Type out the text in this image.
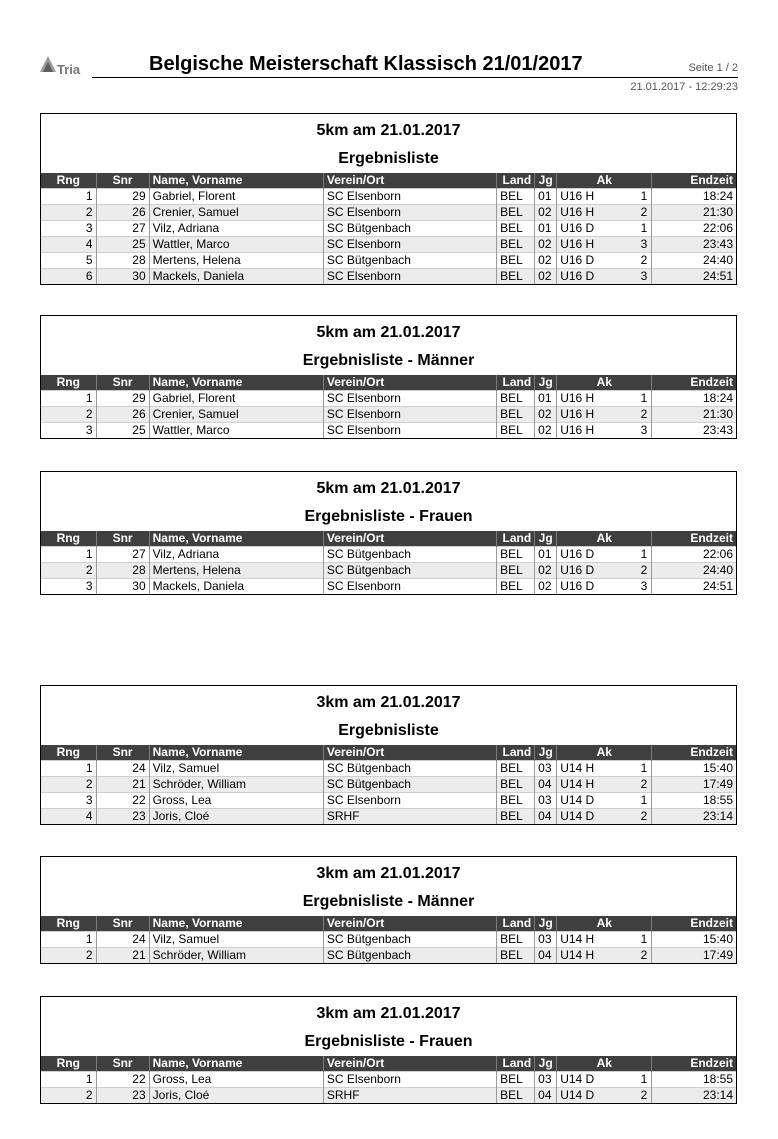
Tria	Belgische Meisterschaft Klassisch 21/01/2017	Seite 1 / 2
21.01.2017 - 12:29:23
5km am 21.01.2017
Ergebnisliste
Rng	Snr	Name, Vorname	Verein/Ort	Land	Jg	Ak	Endzeit
1	29	Gabriel, Florent	SC Elsenborn	BEL	01	U16 H 1	18:24
2	26	Crenier, Samuel	SC Elsenborn	BEL	02	U16 H 2	21:30
3	27	Vilz, Adriana	SC Bütgenbach	BEL	01	U16 D 1	22:06
4	25	Wattler, Marco	SC Elsenborn	BEL	02	U16 H 3	23:43
5	28	Mertens, Helena	SC Bütgenbach	BEL	02	U16 D 2	24:40
6	30	Mackels, Daniela	SC Elsenborn	BEL	02	U16 D 3	24:51
5km am 21.01.2017
Ergebnisliste - Männer
Rng	Snr	Name, Vorname	Verein/Ort	Land	Jg	Ak	Endzeit
1	29	Gabriel, Florent	SC Elsenborn	BEL	01	U16 H 1	18:24
2	26	Crenier, Samuel	SC Elsenborn	BEL	02	U16 H 2	21:30
3	25	Wattler, Marco	SC Elsenborn	BEL	02	U16 H 3	23:43
5km am 21.01.2017
Ergebnisliste - Frauen
Rng	Snr	Name, Vorname	Verein/Ort	Land	Jg	Ak	Endzeit
1	27	Vilz, Adriana	SC Bütgenbach	BEL	01	U16 D 1	22:06
2	28	Mertens, Helena	SC Bütgenbach	BEL	02	U16 D 2	24:40
3	30	Mackels, Daniela	SC Elsenborn	BEL	02	U16 D 3	24:51
3km am 21.01.2017
Ergebnisliste
Rng	Snr	Name, Vorname	Verein/Ort	Land	Jg	Ak	Endzeit
1	24	Vilz, Samuel	SC Bütgenbach	BEL	03	U14 H 1	15:40
2	21	Schröder, William	SC Bütgenbach	BEL	04	U14 H 2	17:49
3	22	Gross, Lea	SC Elsenborn	BEL	03	U14 D 1	18:55
4	23	Joris, Cloé	SRHF	BEL	04	U14 D 2	23:14
3km am 21.01.2017
Ergebnisliste - Männer
Rng	Snr	Name, Vorname	Verein/Ort	Land	Jg	Ak	Endzeit
1	24	Vilz, Samuel	SC Bütgenbach	BEL	03	U14 H 1	15:40
2	21	Schröder, William	SC Bütgenbach	BEL	04	U14 H 2	17:49
3km am 21.01.2017
Ergebnisliste - Frauen
Rng	Snr	Name, Vorname	Verein/Ort	Land	Jg	Ak	Endzeit
1	22	Gross, Lea	SC Elsenborn	BEL	03	U14 D 1	18:55
2	23	Joris, Cloé	SRHF	BEL	04	U14 D 2	23:14
